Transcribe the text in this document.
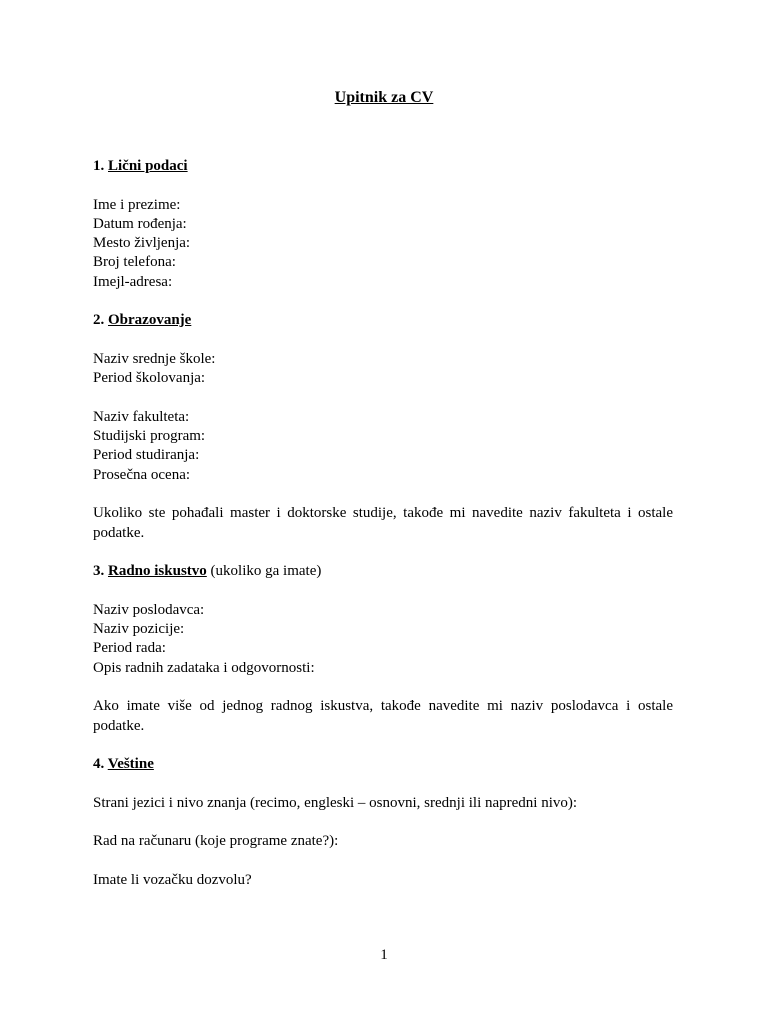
Upitnik za CV
1. Lični podaci
Ime i prezime:
Datum rođenja:
Mesto življenja:
Broj telefona:
Imejl-adresa:
2. Obrazovanje
Naziv srednje škole:
Period školovanja:
Naziv fakulteta:
Studijski program:
Period studiranja:
Prosečna ocena:
Ukoliko ste pohađali master i doktorske studije, takođe mi navedite naziv fakulteta i ostale podatke.
3. Radno iskustvo (ukoliko ga imate)
Naziv poslodavca:
Naziv pozicije:
Period rada:
Opis radnih zadataka i odgovornosti:
Ako imate više od jednog radnog iskustva, takođe navedite mi naziv poslodavca i ostale podatke.
4. Veštine
Strani jezici i nivo znanja (recimo, engleski – osnovni, srednji ili napredni nivo):
Rad na računaru (koje programe znate?):
Imate li vozačku dozvolu?
1
